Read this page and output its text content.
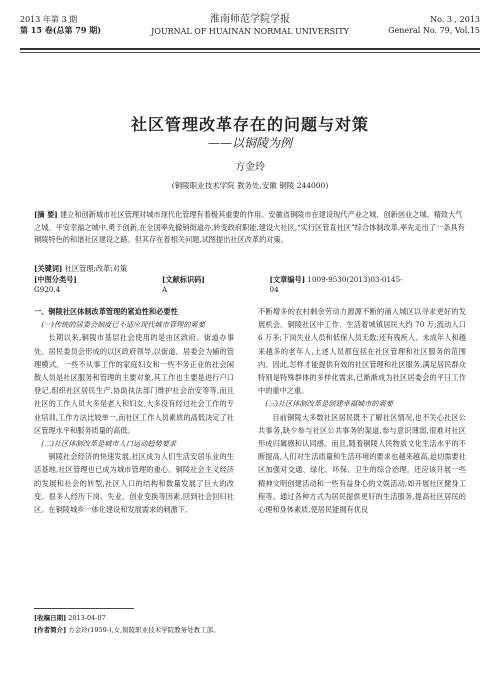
2013 年第 3 期
第 15 卷(总第 79 期)
淮南师范学院学报
JOURNAL OF HUAINAN NORMAL UNIVERSITY
No. 3 , 2013
General No. 79, Vol.15
社区管理改革存在的问题与对策
——以铜陵为例
方金玲
(铜陵职业技术学院 教务处,安徽 铜陵 244000)
[摘 要] 建立和创新城市社区管理对城市现代化管理有着极其重要的作用。安徽省铜陵市在建设现代产业之城、创新创业之城、精致大气之城、平安幸福之城中,勇于创新,在全国率先撤销街道办,转变政府职能,建设大社区,“实行区管直社区”综合体制改革,率先走出了一条具有铜陵特色的和谐社区建设之路。但其存在着相关问题,试图提出社区改革的对策。
[关键词] 社区管理;改革;对策
[中图分类号] G920.4
[文献标识码] A
[文章编号] 1009-9530(2013)03-0145-04

一、铜陵社区体制改革管理的紧迫性和必要性

(一)传统的居委会制度已不适应现代城市管理的需要

长期以来,铜陵市基层社会使用的是由区政府、街道办事处、居民委员会形成的以区政府领导,以街道、居委会为辅的管理模式。一些不从事工作的家庭妇女和一些不务正业的社会闲散人员是社区服务和管理的主要对象,其工作也主要是进行户口登记,组织社区居民生产,协助执法部门维护社会治安等等,而且社区的工作人员大多是老人和妇女,大多没有经过社会工作的专业培训,工作方法比较单一,而社区工作人员素质的高低决定了社区管理水平和服务质量的高低。

(二)社区体制改革是城市人口运动趋势要求

铜陵社会经济的快速发展,社区成为人们生活安居乐业的生活基地,社区管理也已成为城市管理的重心。铜陵社会主义经济的发展和社会的转型,社区人口的结构和数量发展了巨大的改变。很多人经历下岗、失业、创业变换等因素,回到社会回归社区。在铜陵城乡一体化建设和发展需求的刺激下,

不断增多的农村剩余劳动力源源不断的涌入城区以寻求更好的发展机会。铜陵社区中工作、生活着城镇居民大约 70 万;流动人口 6 万多;下岗失业人员和低保人员无数;还有残疾人、未成年人和越来越多的老年人,上述人员都包括在社区管理和社区服务的范围内。因此,怎样才能提供有效的社区管理和社区服务,满足居民群众特别是特殊群体的多样化需求,已渐渐成为社区居委会的平日工作中的重中之重。

(三)社区体制改革是创建幸福城市的需要

目前铜陵大多数社区居民既不了解社区情况,也不关心社区公共事务,缺少参与社区公共事务的渠道,参与意识薄弱,很难对社区形成归属感和认同感。而且,随着铜陵人民物质文化生活水平的不断提高,人们对生活质量和生活环境的要求也越来越高,迫切需要社区加强对交通、绿化、环保、卫生的综合治理。还应该开展一些精神文明创建活动和一些有益身心的文娱活动,如开展社区健身工程等。通过各种方式为居民提供更好的生活服务,提高社区居民的心理和身体素质,使居民能拥有优良

[收稿日期] 2013-04-07
[作者简介] 方金玲(1959-),女,铜陵职业技术学院教务处教工部。
